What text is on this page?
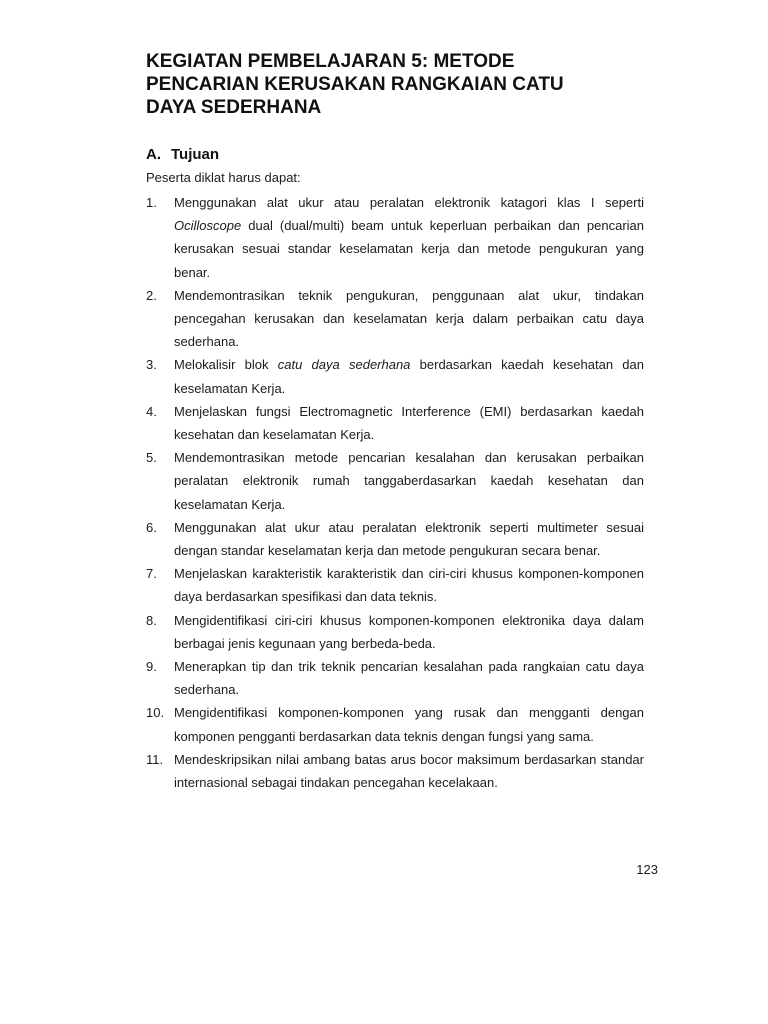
KEGIATAN PEMBELAJARAN 5: METODE
PENCARIAN KERUSAKAN RANGKAIAN CATU
DAYA SEDERHANA
A. Tujuan

Peserta diklat harus dapat:

1. Menggunakan alat ukur atau peralatan elektronik katagori klas I seperti Ocilloscope dual (dual/multi) beam untuk keperluan perbaikan dan pencarian kerusakan sesuai standar keselamatan kerja dan metode pengukuran yang benar.
2. Mendemontrasikan teknik pengukuran, penggunaan alat ukur, tindakan pencegahan kerusakan dan keselamatan kerja dalam perbaikan catu daya sederhana.
3. Melokalisir blok catu daya sederhana berdasarkan kaedah kesehatan dan keselamatan Kerja.
4. Menjelaskan fungsi Electromagnetic Interference (EMI) berdasarkan kaedah kesehatan dan keselamatan Kerja.
5. Mendemontrasikan metode pencarian kesalahan dan kerusakan perbaikan peralatan elektronik rumah tanggaberdasarkan kaedah kesehatan dan keselamatan Kerja.
6. Menggunakan alat ukur atau peralatan elektronik seperti multimeter sesuai dengan standar keselamatan kerja dan metode pengukuran secara benar.
7. Menjelaskan karakteristik karakteristik dan ciri-ciri khusus komponen-komponen daya berdasarkan spesifikasi dan data teknis.
8. Mengidentifikasi ciri-ciri khusus komponen-komponen elektronika daya dalam berbagai jenis kegunaan yang berbeda-beda.
9. Menerapkan tip dan trik teknik pencarian kesalahan pada rangkaian catu daya sederhana.
10. Mengidentifikasi komponen-komponen yang rusak dan mengganti dengan komponen pengganti berdasarkan data teknis dengan fungsi yang sama.
11. Mendeskripsikan nilai ambang batas arus bocor maksimum berdasarkan standar internasional sebagai tindakan pencegahan kecelakaan.

123
